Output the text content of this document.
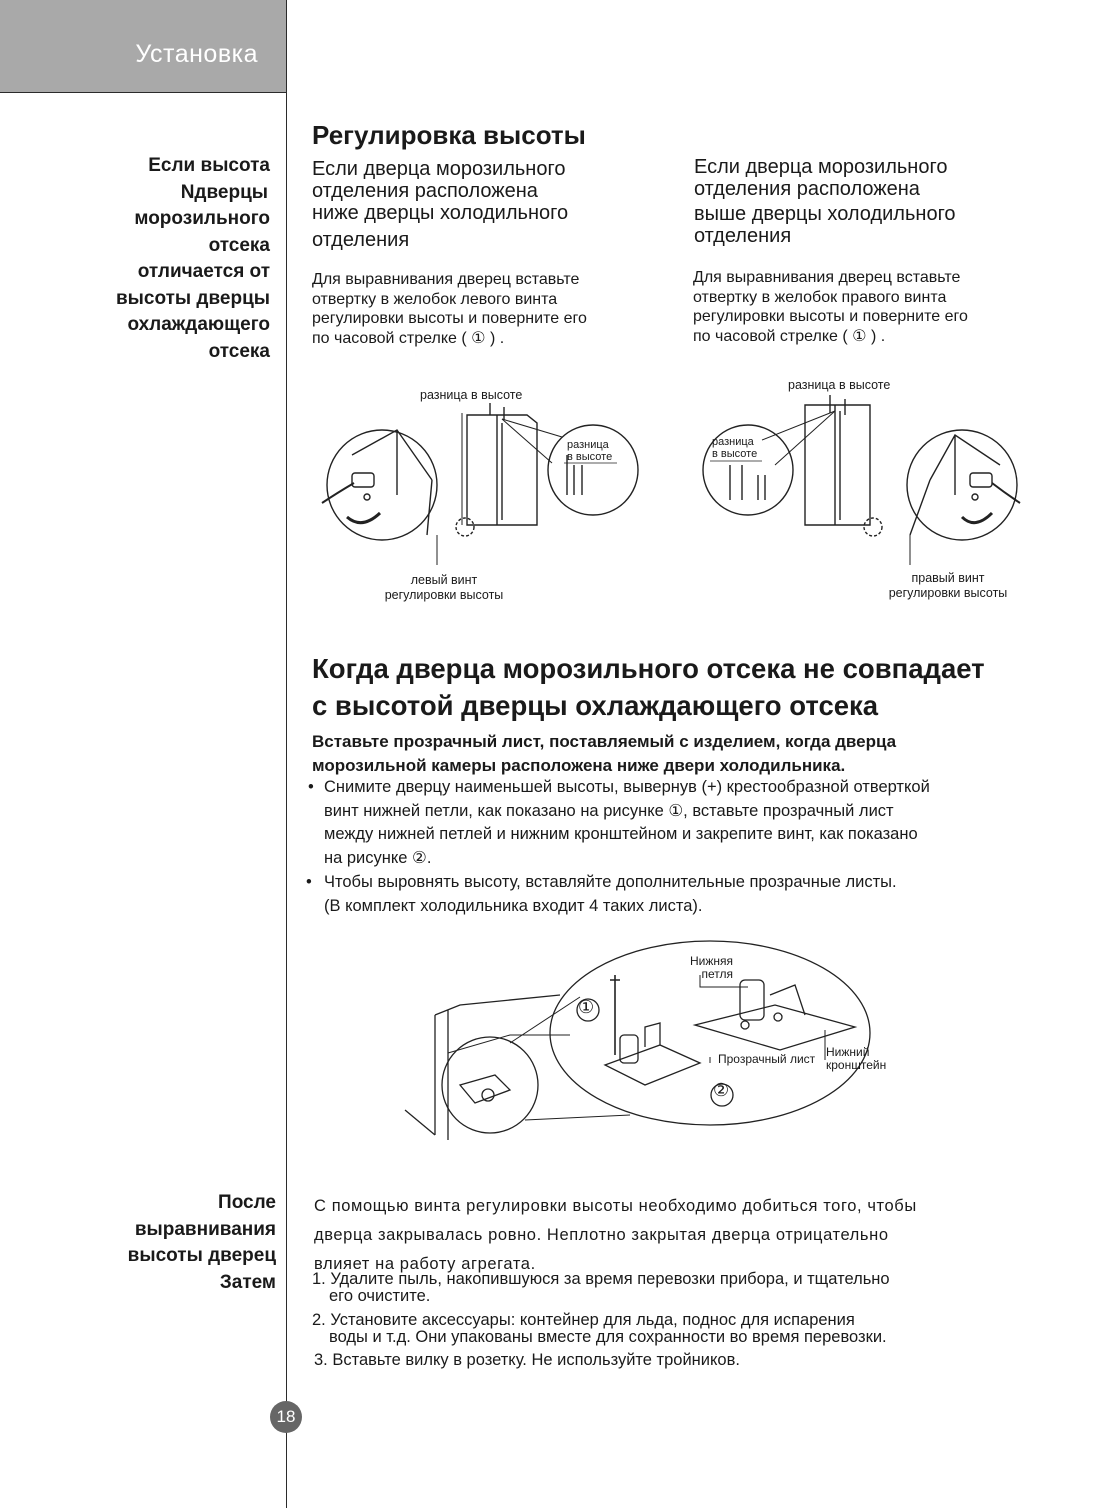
Установка
Если высота
Nдверцы
морозильного
отсека
отличается от
высоты дверцы
охлаждающего
отсека
Регулировка высоты
Если дверца морозильного
отделения расположена
ниже дверцы холодильного
отделения
Если дверца морозильного
отделения расположена
выше дверцы холодильного
отделения
Для выравнивания дверец вставьте
отвертку в желобок левого винта
регулировки высоты и поверните его
по часовой стрелке ( ① ) .
Для выравнивания дверец вставьте
отвертку в желобок правого винта
регулировки высоты и поверните его
по часовой стрелке ( ① ) .
разница в высоте
разница
в высоте
левый винт
регулировки высоты
разница в высоте
разница
в высоте
правый винт
регулировки высоты
Когда дверца морозильного отсека не совпадает
с высотой дверцы охлаждающего отсека
Вставьте прозрачный лист, поставляемый с изделием, когда дверца
морозильной камеры расположена ниже двери холодильника.
• Снимите дверцу наименьшей высоты, вывернув (+) крестообразной отверткой
винт нижней петли, как показано на рисунке ①, вставьте прозрачный лист
между нижней петлей и нижним кронштейном и закрепите винт, как показано
на рисунке ②.
• Чтобы выровнять высоту, вставляйте дополнительные прозрачные листы.
(В комплект холодильника входит 4 таких листа).
①
②
Нижняя
петля
Прозрачный лист Нижний
кронштейн
После
выравнивания
высоты дверец
Затем
С помощью винта регулировки высоты необходимо добиться того, чтобы
дверца закрывалась ровно. Неплотно закрытая дверца отрицательно
влияет на работу агрегата.
1. Удалите пыль, накопившуюся за время перевозки прибора, и тщательно
его очистите.
2. Установите аксессуары: контейнер для льда, поднос для испарения
воды и т.д. Они упакованы вместе для сохранности во время перевозки.
3. Вставьте вилку в розетку. Не используйте тройников.
18
